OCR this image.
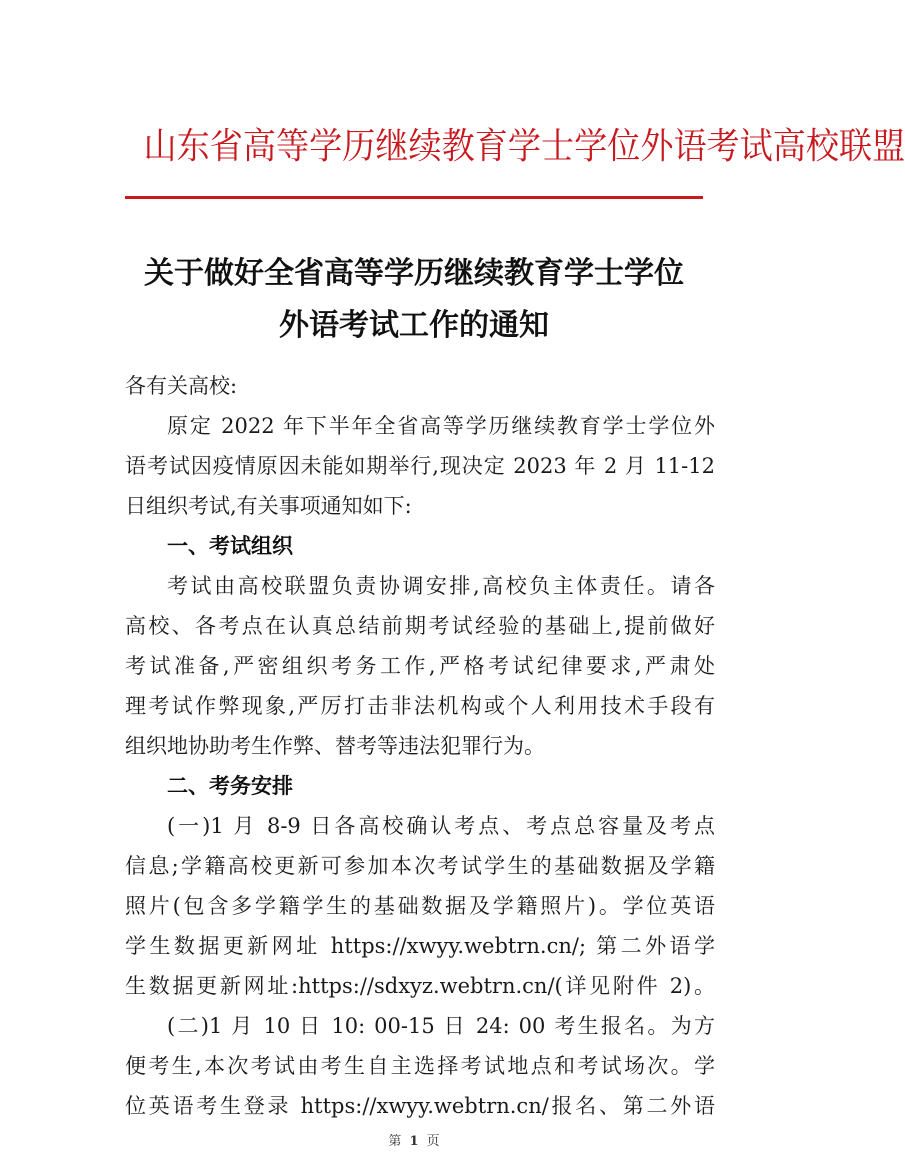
山东省高等学历继续教育学士学位外语考试高校联盟
关于做好全省高等学历继续教育学士学位
外语考试工作的通知
各有关高校:
原定 2022 年下半年全省高等学历继续教育学士学位外
语考试因疫情原因未能如期举行,现决定 2023 年 2 月 11-12
日组织考试,有关事项通知如下:
一、考试组织
考试由高校联盟负责协调安排,高校负主体责任。请各
高校、各考点在认真总结前期考试经验的基础上,提前做好
考试准备,严密组织考务工作,严格考试纪律要求,严肃处
理考试作弊现象,严厉打击非法机构或个人利用技术手段有
组织地协助考生作弊、替考等违法犯罪行为。
二、考务安排
(一)1 月 8-9 日各高校确认考点、考点总容量及考点
信息;学籍高校更新可参加本次考试学生的基础数据及学籍
照片(包含多学籍学生的基础数据及学籍照片)。学位英语
学生数据更新网址 https://xwyy.webtrn.cn/; 第二外语学
生数据更新网址:https://sdxyz.webtrn.cn/(详见附件 2)。
(二)1 月 10 日 10: 00-15 日 24: 00 考生报名。为方
便考生,本次考试由考生自主选择考试地点和考试场次。学
位英语考生登录 https://xwyy.webtrn.cn/报名、第二外语
第 1 页
